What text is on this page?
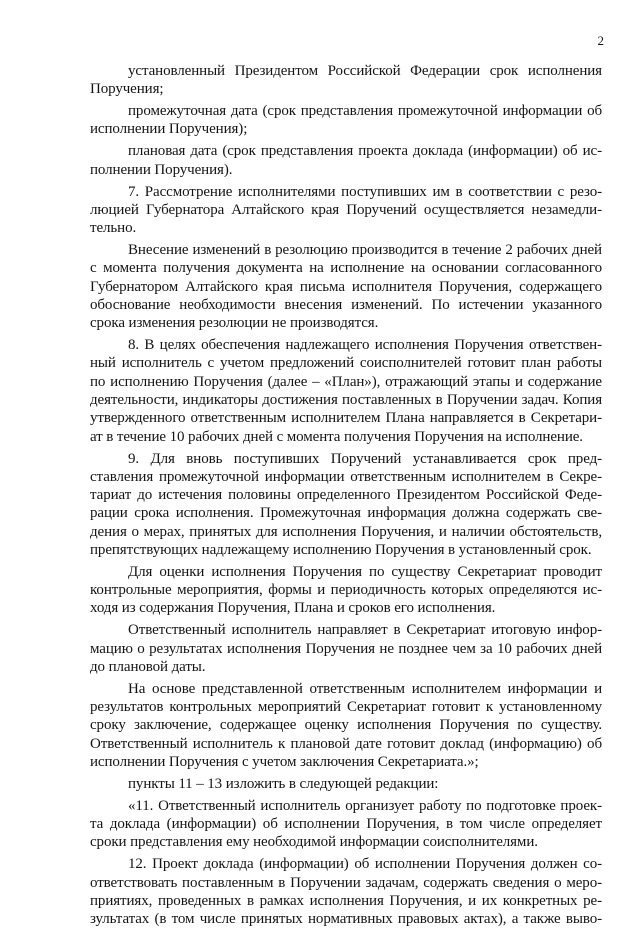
2
установленный Президентом Российской Федерации срок исполнения
Поручения;
промежуточная дата (срок представления промежуточной информации об
исполнении Поручения);
плановая дата (срок представления проекта доклада (информации) об ис-
полнении Поручения).
7. Рассмотрение исполнителями поступивших им в соответствии с резо-
люцией Губернатора Алтайского края Поручений осуществляется незамедли-
тельно.
Внесение изменений в резолюцию производится в течение 2 рабочих дней
с момента получения документа на исполнение на основании согласованного
Губернатором Алтайского края письма исполнителя Поручения, содержащего
обоснование необходимости внесения изменений. По истечении указанного
срока изменения резолюции не производятся.
8. В целях обеспечения надлежащего исполнения Поручения ответствен-
ный исполнитель с учетом предложений соисполнителей готовит план работы
по исполнению Поручения (далее – «План»), отражающий этапы и содержание
деятельности, индикаторы достижения поставленных в Поручении задач. Копия
утвержденного ответственным исполнителем Плана направляется в Секретари-
ат в течение 10 рабочих дней с момента получения Поручения на исполнение.
9. Для вновь поступивших Поручений устанавливается срок пред-
ставления промежуточной информации ответственным исполнителем в Секре-
тариат до истечения половины определенного Президентом Российской Феде-
рации срока исполнения. Промежуточная информация должна содержать све-
дения о мерах, принятых для исполнения Поручения, и наличии обстоятельств,
препятствующих надлежащему исполнению Поручения в установленный срок.
Для оценки исполнения Поручения по существу Секретариат проводит
контрольные мероприятия, формы и периодичность которых определяются ис-
ходя из содержания Поручения, Плана и сроков его исполнения.
Ответственный исполнитель направляет в Секретариат итоговую инфор-
мацию о результатах исполнения Поручения не позднее чем за 10 рабочих дней
до плановой даты.
На основе представленной ответственным исполнителем информации и
результатов контрольных мероприятий Секретариат готовит к установленному
сроку заключение, содержащее оценку исполнения Поручения по существу.
Ответственный исполнитель к плановой дате готовит доклад (информацию) об
исполнении Поручения с учетом заключения Секретариата.»;
пункты 11 – 13 изложить в следующей редакции:
«11. Ответственный исполнитель организует работу по подготовке проек-
та доклада (информации) об исполнении Поручения, в том числе определяет
сроки представления ему необходимой информации соисполнителями.
12. Проект доклада (информации) об исполнении Поручения должен со-
ответствовать поставленным в Поручении задачам, содержать сведения о меро-
приятиях, проведенных в рамках исполнения Поручения, и их конкретных ре-
зультатах (в том числе принятых нормативных правовых актах), а также выво-
